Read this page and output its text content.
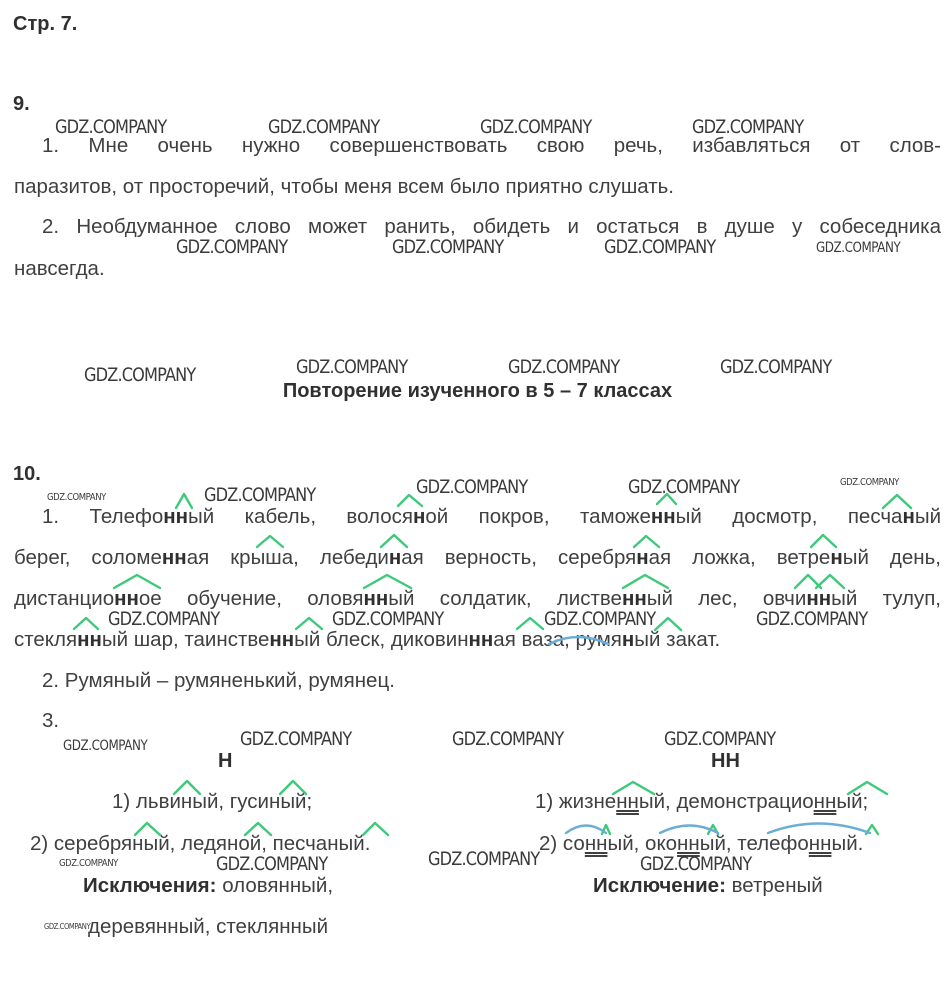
Стр. 7.
9.
1. Мне очень нужно совершенствовать свою речь, избавляться от слов-
паразитов, от просторечий, чтобы меня всем было приятно слушать.
2. Необдуманное слово может ранить, обидеть и остаться в душе у собеседника
навсегда.
Повторение изученного в 5 – 7 классах
10.
1. Телефонный кабель, волосяной покров, таможенный досмотр, песчаный
берег, соломенная крыша, лебединая верность, серебряная ложка, ветреный день,
дистанционное обучение, оловянный солдатик, лиственный лес, овчинный тулуп,
стеклянный шар, таинственный блеск, диковиннная ваза, румяный закат.
2. Румяный – румяненький, румянец.
3.
Н
1) львиный, гусиный;
2) серебряный, ледяной, песчаный.
Исключения: оловянный,
деревянный, стеклянный
НН
1) жизненный, демонстрационный;
2) сонный, оконный, телефонный.
Исключение: ветреный
GDZ.COMPANY	GDZ.COMPANY	GDZ.COMPANY	GDZ.COMPANY
GDZ.COMPANY	GDZ.COMPANY	GDZ.COMPANY	GDZ.COMPANY
GDZ.COMPANY	GDZ.COMPANY	GDZ.COMPANY	GDZ.COMPANY
GDZ.COMPANY	GDZ.COMPANY	GDZ.COMPANY	GDZ.COMPANY	GDZ.COMPANY
GDZ.COMPANY	GDZ.COMPANY	GDZ.COMPANY	GDZ.COMPANY
GDZ.COMPANY	GDZ.COMPANY	GDZ.COMPANY	GDZ.COMPANY
GDZ.COMPANY	GDZ.COMPANY	GDZ.COMPANY	GDZ.COMPANY
GDZ.COMPANY
